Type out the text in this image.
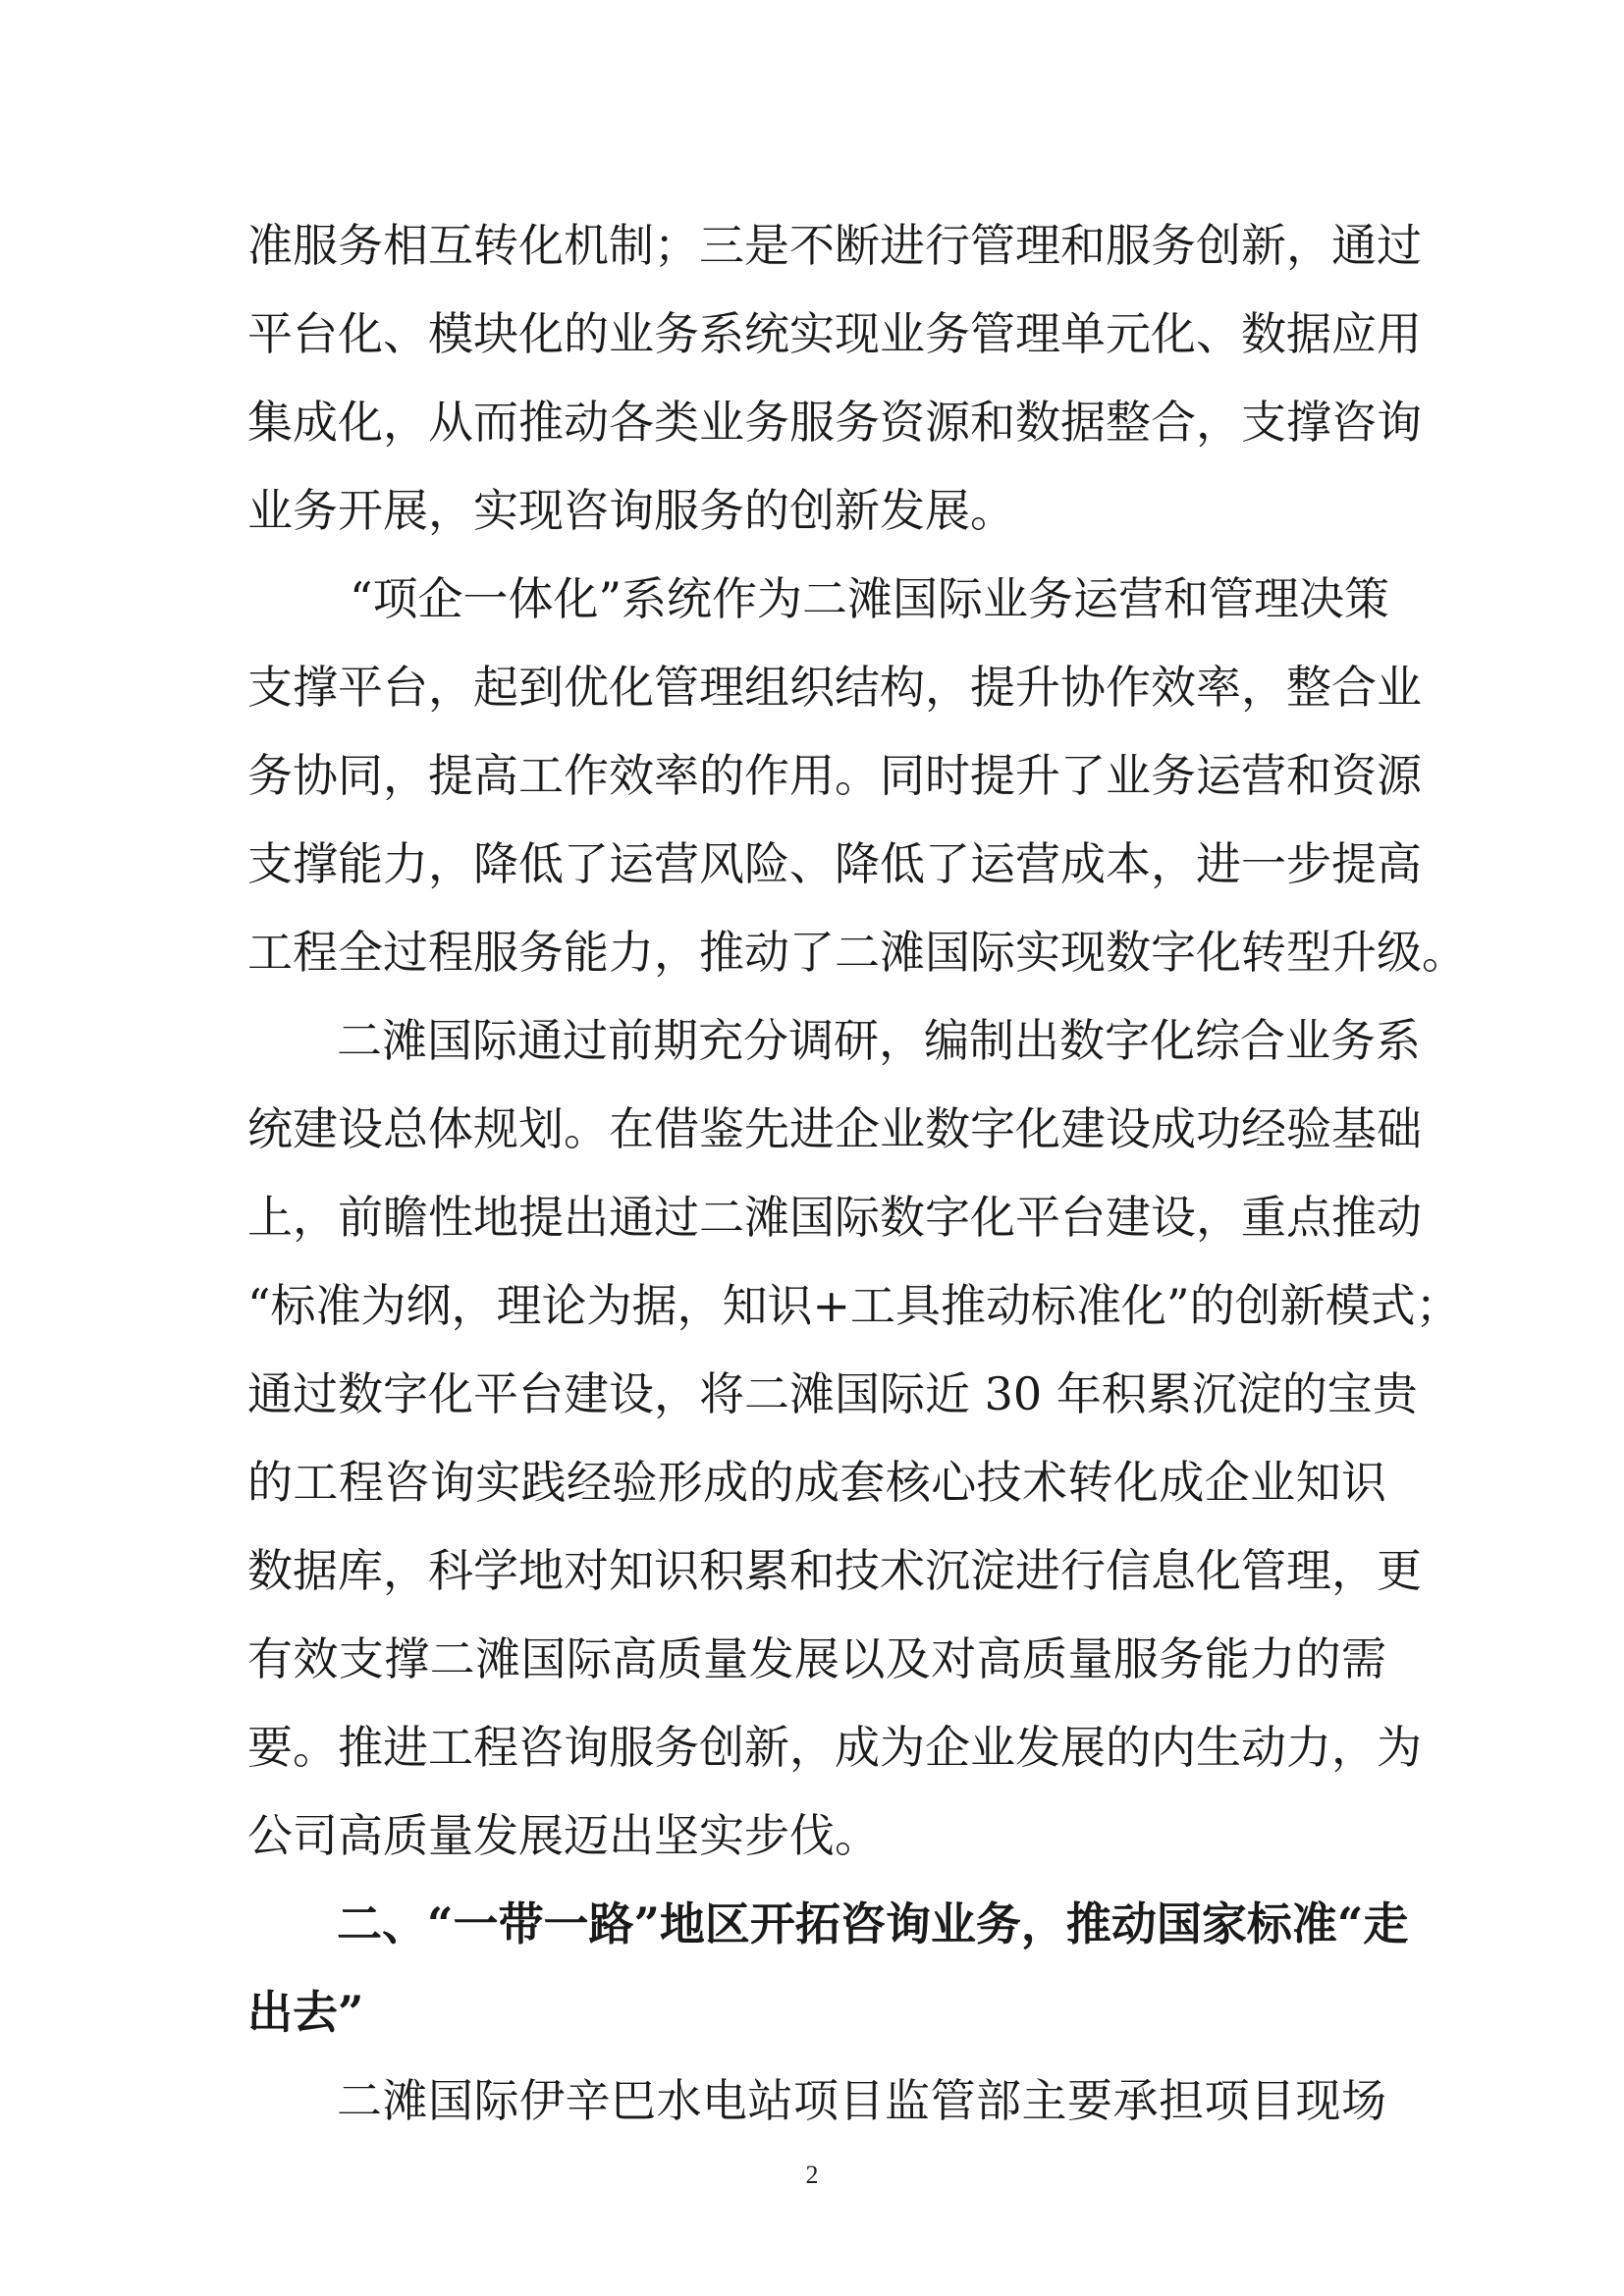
准服务相互转化机制；三是不断进行管理和服务创新，通过
平台化、模块化的业务系统实现业务管理单元化、数据应用
集成化，从而推动各类业务服务资源和数据整合，支撑咨询
业务开展，实现咨询服务的创新发展。
“项企一体化”系统作为二滩国际业务运营和管理决策
支撑平台，起到优化管理组织结构，提升协作效率，整合业
务协同，提高工作效率的作用。同时提升了业务运营和资源
支撑能力，降低了运营风险、降低了运营成本，进一步提高
工程全过程服务能力，推动了二滩国际实现数字化转型升级。
二滩国际通过前期充分调研，编制出数字化综合业务系
统建设总体规划。在借鉴先进企业数字化建设成功经验基础
上，前瞻性地提出通过二滩国际数字化平台建设，重点推动
“标准为纲，理论为据，知识+工具推动标准化”的创新模式；
通过数字化平台建设，将二滩国际近 30 年积累沉淀的宝贵
的工程咨询实践经验形成的成套核心技术转化成企业知识
数据库，科学地对知识积累和技术沉淀进行信息化管理，更
有效支撑二滩国际高质量发展以及对高质量服务能力的需
要。推进工程咨询服务创新，成为企业发展的内生动力，为
公司高质量发展迈出坚实步伐。
二、“一带一路”地区开拓咨询业务，推动国家标准“走
出去”
二滩国际伊辛巴水电站项目监管部主要承担项目现场
2
